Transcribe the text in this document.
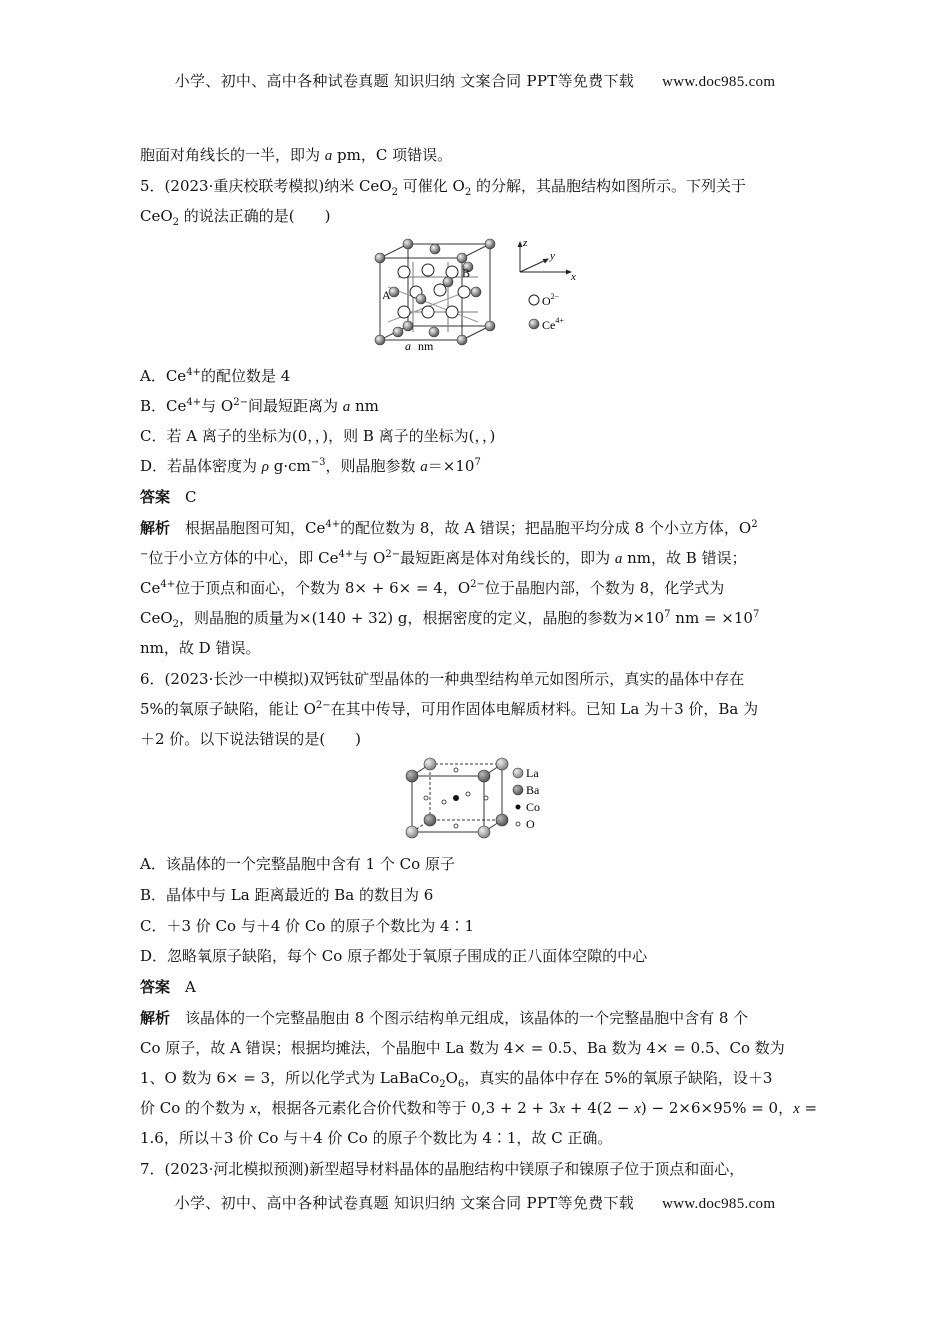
小学、初中、高中各种试卷真题 知识归纳 文案合同 PPT等免费下载 www.doc985.com
胞面对角线长的一半，即为 a pm，C 项错误。
5．(2023·重庆校联考模拟)纳米 CeO$_2$ 可催化 $O_2$ 的分解，其晶胞结构如图所示。下列关于
CeO$_2$ 的说法正确的是(　　)
A．$Ce^{4+}$的配位数是 4
B．$Ce^{4+}$与 $O^{2-}$间最短距离为 a nm
C．若 A 离子的坐标为(0，，)，则 B 离子的坐标为(，，)
D．若晶体密度为 ρ $g\cdot cm^{-3}$，则晶胞参数 $a=\times 10^7$
答案　C
解析　根据晶胞图可知，$Ce^{4+}$的配位数为 8，故 A 错误；把晶胞平均分成 8 个小立方体，$O^2$
−位于小立方体的中心，即 $Ce^{4+}$与 $O^{2-}$最短距离是体对角线长的，即为 a nm，故 B 错误；
$Ce^{4+}$位于顶点和面心，个数为 8× + 6× = 4，$O^{2-}$位于晶胞内部，个数为 8，化学式为
CeO$_2$，则晶胞的质量为×(140 + 32) g，根据密度的定义，晶胞的参数为$\times 10^7$ nm = $\times 10^7$
nm，故 D 错误。
6．(2023·长沙一中模拟)双钙钛矿型晶体的一种典型结构单元如图所示，真实的晶体中存在
5%的氧原子缺陷，能让 $O^{2-}$在其中传导，可用作固体电解质材料。已知 La 为＋3 价，Ba 为
＋2 价。以下说法错误的是(　　)
A．该晶体的一个完整晶胞中含有 1 个 Co 原子
B．晶体中与 La 距离最近的 Ba 的数目为 6
C．＋3 价 Co 与＋4 价 Co 的原子个数比为 4∶1
D．忽略氧原子缺陷，每个 Co 原子都处于氧原子围成的正八面体空隙的中心
答案　A
解析　该晶体的一个完整晶胞由 8 个图示结构单元组成，该晶体的一个完整晶胞中含有 8 个
Co 原子，故 A 错误；根据均摊法，个晶胞中 La 数为 4× = 0.5、Ba 数为 4× = 0.5、Co 数为
1、O 数为 6× = 3，所以化学式为 $LaBaCo_2O_6$，真实的晶体中存在 5%的氧原子缺陷，设＋3
价 Co 的个数为 x，根据各元素化合价代数和等于 0,3 + 2 + 3x + 4(2 − x) − 2×6×95% = 0，x =
1.6，所以＋3 价 Co 与＋4 价 Co 的原子个数比为 4∶1，故 C 正确。
7．(2023·河北模拟预测)新型超导材料晶体的晶胞结构中镁原子和镍原子位于顶点和面心，
A
B
a nm
z
y
x
$O^{2-}$
$Ce^{4+}$
La
Ba
Co
O
小学、初中、高中各种试卷真题 知识归纳 文案合同 PPT等免费下载 www.doc985.com
